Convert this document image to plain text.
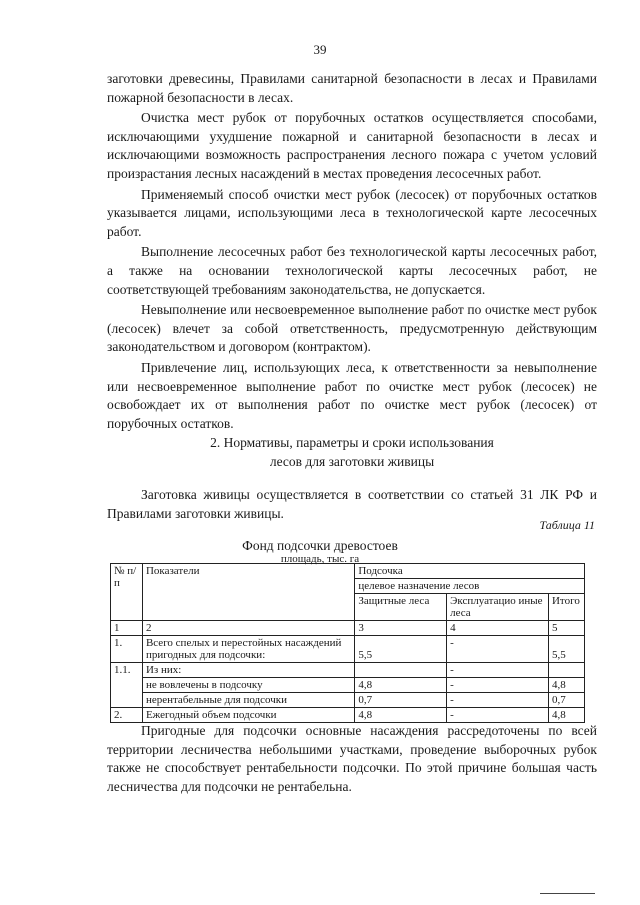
39

заготовки древесины, Правилами санитарной безопасности в лесах и Правилами пожарной безопасности в лесах.

Очистка мест рубок от порубочных остатков осуществляется способами, исключающими ухудшение пожарной и санитарной безопасности в лесах и исключающими возможность распространения лесного пожара с учетом условий произрастания лесных насаждений в местах проведения лесосечных работ.

Применяемый способ очистки мест рубок (лесосек) от порубочных остатков указывается лицами, использующими леса в технологической карте лесосечных работ.

Выполнение лесосечных работ без технологической карты лесосечных работ, а также на основании технологической карты лесосечных работ, не соответствующей требованиям законодательства, не допускается.

Невыполнение или несвоевременное выполнение работ по очистке мест рубок (лесосек) влечет за собой ответственность, предусмотренную действующим законодательством и договором (контрактом).

Привлечение лиц, использующих леса, к ответственности за невыполнение или несвоевременное выполнение работ по очистке мест рубок (лесосек) не освобождает их от выполнения работ по очистке мест рубок (лесосек) от порубочных остатков.

2. Нормативы, параметры и сроки использования
лесов для заготовки живицы

Заготовка живицы осуществляется в соответствии со статьей 31 ЛК РФ и Правилами заготовки живицы.

Таблица 11
Фонд подсочки древостоев
площадь, тыс. га
№ п/п	Показатели	Подсочка		
		целевое назначение лесов		
		Защитные леса	Эксплуатацио иные леса	Итого
1	2	3	4	5
1.	Всего спелых и перестойных насаждений пригодных для подсочки:	5,5	-	5,5
1.1.	Из них:		-	
	не вовлечены в подсочку	4,8	-	4,8
	нерентабельные для подсочки	0,7	-	0,7
2.	Ежегодный объем подсочки	4,8	-	4,8

Пригодные для подсочки основные насаждения рассредоточены по всей территории лесничества небольшими участками, проведение выборочных рубок также не способствует рентабельности подсочки. По этой причине большая часть лесничества для подсочки не рентабельна.
